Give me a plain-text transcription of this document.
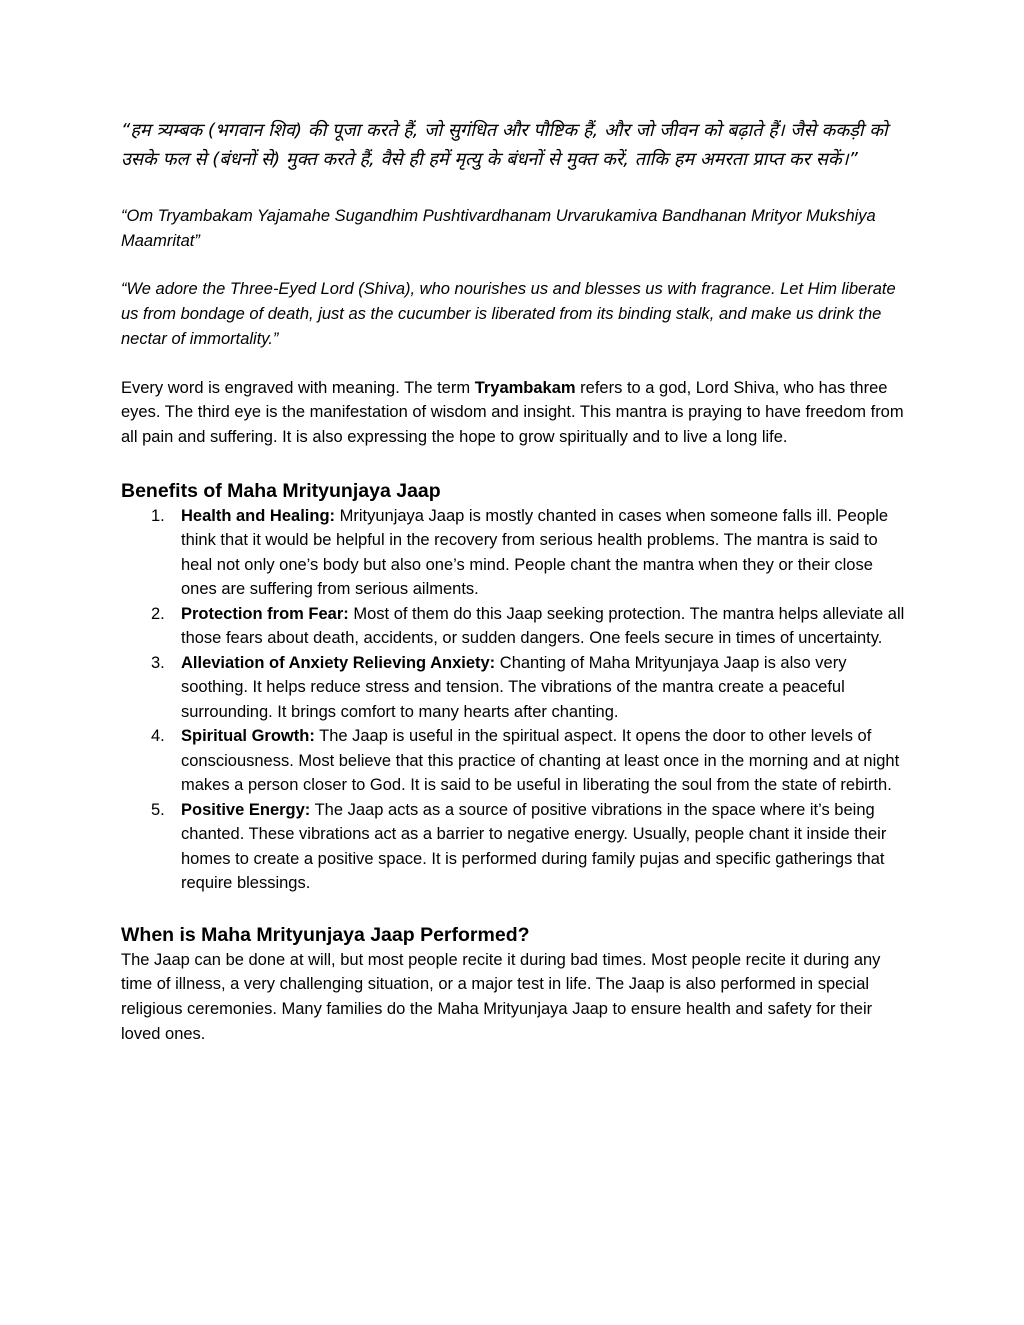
“हम त्र्यम्बक (भगवान शिव) की पूजा करते हैं, जो सुगंधित और पौष्टिक हैं, और जो जीवन को बढ़ाते हैं। जैसे ककड़ी को उसके फल से (बंधनों से) मुक्त करते हैं, वैसे ही हमें मृत्यु के बंधनों से मुक्त करें, ताकि हम अमरता प्राप्त कर सकें।”

“Om Tryambakam Yajamahe Sugandhim Pushtivardhanam Urvarukamiva Bandhanan Mrityor Mukshiya Maamritat”

“We adore the Three-Eyed Lord (Shiva), who nourishes us and blesses us with fragrance. Let Him liberate us from bondage of death, just as the cucumber is liberated from its binding stalk, and make us drink the nectar of immortality.”

Every word is engraved with meaning. The term Tryambakam refers to a god, Lord Shiva, who has three eyes. The third eye is the manifestation of wisdom and insight. This mantra is praying to have freedom from all pain and suffering. It is also expressing the hope to grow spiritually and to live a long life.

Benefits of Maha Mrityunjaya Jaap
1. Health and Healing: Mrityunjaya Jaap is mostly chanted in cases when someone falls ill. People think that it would be helpful in the recovery from serious health problems. The mantra is said to heal not only one’s body but also one’s mind. People chant the mantra when they or their close ones are suffering from serious ailments.
2. Protection from Fear: Most of them do this Jaap seeking protection. The mantra helps alleviate all those fears about death, accidents, or sudden dangers. One feels secure in times of uncertainty.
3. Alleviation of Anxiety Relieving Anxiety: Chanting of Maha Mrityunjaya Jaap is also very soothing. It helps reduce stress and tension. The vibrations of the mantra create a peaceful surrounding. It brings comfort to many hearts after chanting.
4. Spiritual Growth: The Jaap is useful in the spiritual aspect. It opens the door to other levels of consciousness. Most believe that this practice of chanting at least once in the morning and at night makes a person closer to God. It is said to be useful in liberating the soul from the state of rebirth.
5. Positive Energy: The Jaap acts as a source of positive vibrations in the space where it’s being chanted. These vibrations act as a barrier to negative energy. Usually, people chant it inside their homes to create a positive space. It is performed during family pujas and specific gatherings that require blessings.
When is Maha Mrityunjaya Jaap Performed?

The Jaap can be done at will, but most people recite it during bad times. Most people recite it during any time of illness, a very challenging situation, or a major test in life. The Jaap is also performed in special religious ceremonies. Many families do the Maha Mrityunjaya Jaap to ensure health and safety for their loved ones.
